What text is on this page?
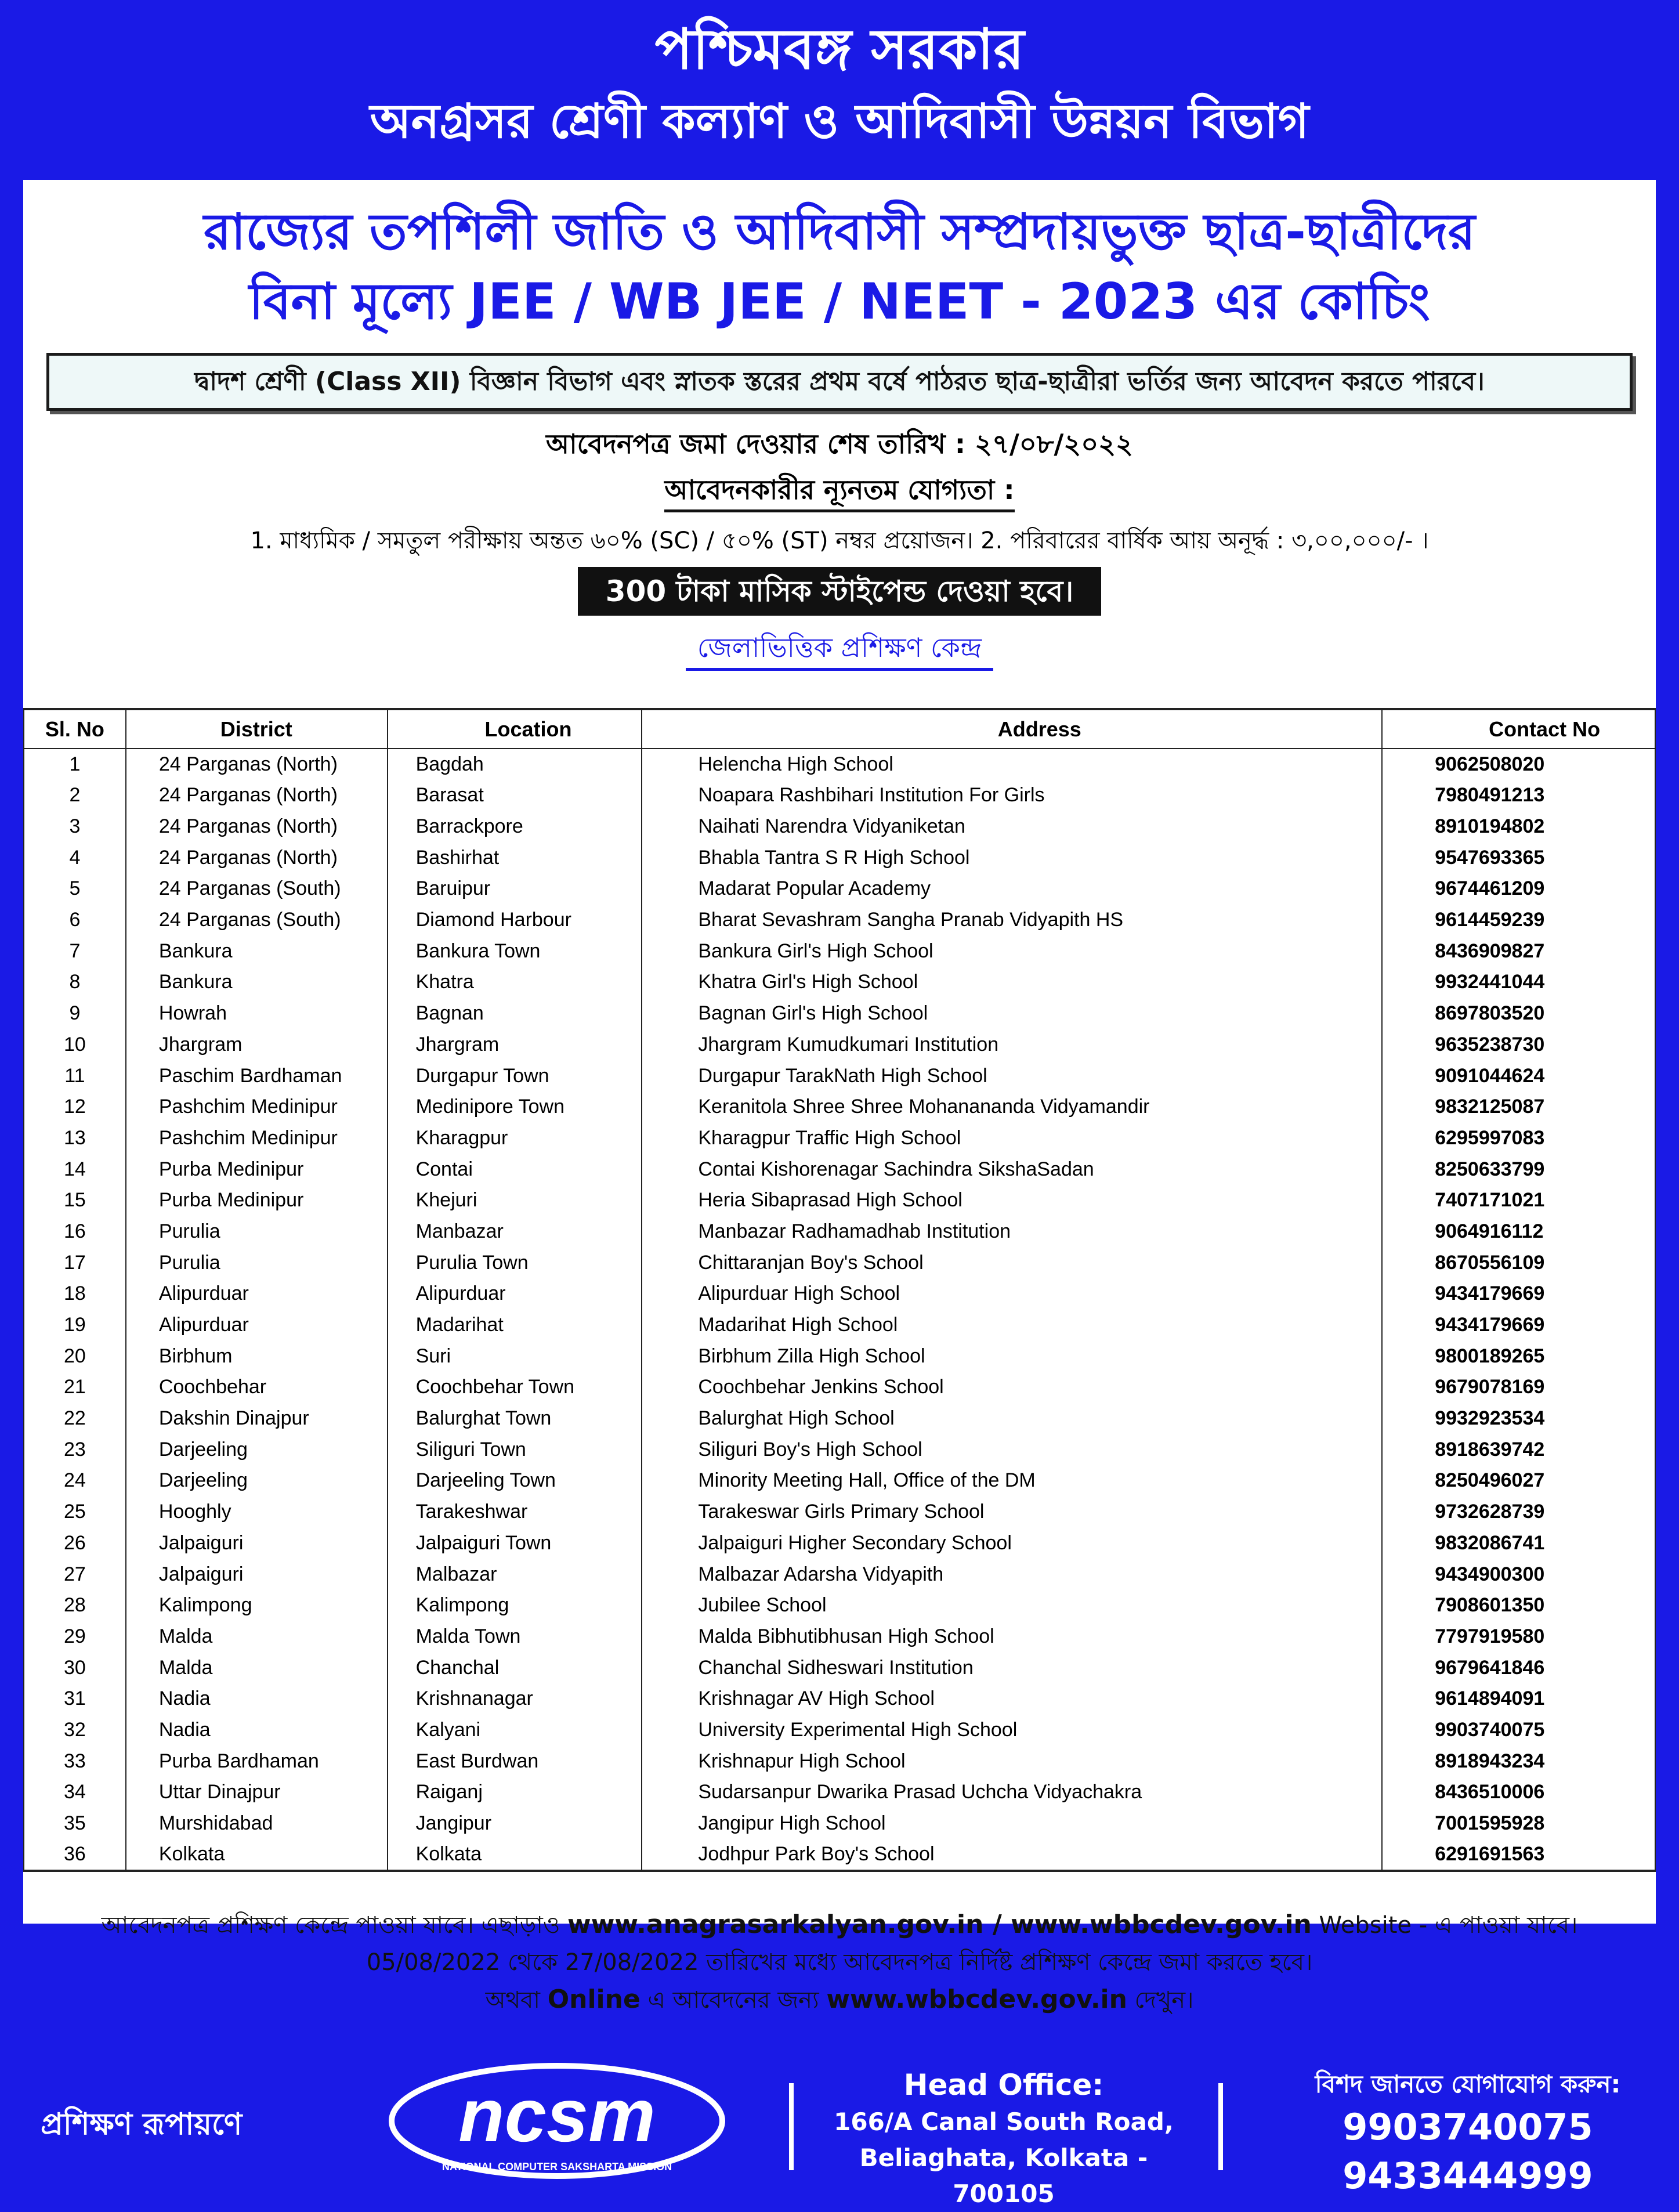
পশ্চিমবঙ্গ সরকার
অনগ্রসর শ্রেণী কল্যাণ ও আদিবাসী উন্নয়ন বিভাগ
রাজ্যের তপশিলী জাতি ও আদিবাসী সম্প্রদায়ভুক্ত ছাত্র-ছাত্রীদের
বিনা মূল্যে JEE / WB JEE / NEET - 2023 এর কোচিং
দ্বাদশ শ্রেণী (Class XII) বিজ্ঞান বিভাগ এবং স্নাতক স্তরের প্রথম বর্ষে পাঠরত ছাত্র-ছাত্রীরা ভর্তির জন্য আবেদন করতে পারবে।
আবেদনপত্র জমা দেওয়ার শেষ তারিখ : ২৭/০৮/২০২২
আবেদনকারীর ন্যূনতম যোগ্যতা :
1. মাধ্যমিক / সমতুল পরীক্ষায় অন্তত ৬০% (SC) / ৫০% (ST) নম্বর প্রয়োজন। 2. পরিবারের বার্ষিক আয় অনূর্দ্ধ : ৩,০০,০০০/- ।
300 টাকা মাসিক স্টাইপেন্ড দেওয়া হবে।
জেলাভিত্তিক প্রশিক্ষণ কেন্দ্র
Sl. No	District	Location	Address	Contact No
1	24 Parganas (North)	Bagdah	Helencha High School	9062508020
2	24 Parganas (North)	Barasat	Noapara Rashbihari Institution For Girls	7980491213
3	24 Parganas (North)	Barrackpore	Naihati Narendra Vidyaniketan	8910194802
4	24 Parganas (North)	Bashirhat	Bhabla Tantra S R High School	9547693365
5	24 Parganas (South)	Baruipur	Madarat Popular Academy	9674461209
6	24 Parganas (South)	Diamond Harbour	Bharat Sevashram Sangha Pranab Vidyapith HS	9614459239
7	Bankura	Bankura Town	Bankura Girl's High School	8436909827
8	Bankura	Khatra	Khatra Girl's High School	9932441044
9	Howrah	Bagnan	Bagnan Girl's High School	8697803520
10	Jhargram	Jhargram	Jhargram Kumudkumari Institution	9635238730
11	Paschim Bardhaman	Durgapur Town	Durgapur TarakNath High School	9091044624
12	Pashchim Medinipur	Medinipore Town	Keranitola Shree Shree Mohanananda Vidyamandir	9832125087
13	Pashchim Medinipur	Kharagpur	Kharagpur Traffic High School	6295997083
14	Purba Medinipur	Contai	Contai Kishorenagar Sachindra SikshaSadan	8250633799
15	Purba Medinipur	Khejuri	Heria Sibaprasad High School	7407171021
16	Purulia	Manbazar	Manbazar Radhamadhab Institution	9064916112
17	Purulia	Purulia Town	Chittaranjan Boy's School	8670556109
18	Alipurduar	Alipurduar	Alipurduar High School	9434179669
19	Alipurduar	Madarihat	Madarihat High School	9434179669
20	Birbhum	Suri	Birbhum Zilla High School	9800189265
21	Coochbehar	Coochbehar Town	Coochbehar Jenkins School	9679078169
22	Dakshin Dinajpur	Balurghat Town	Balurghat High School	9932923534
23	Darjeeling	Siliguri Town	Siliguri Boy's High School	8918639742
24	Darjeeling	Darjeeling Town	Minority Meeting Hall, Office of the DM	8250496027
25	Hooghly	Tarakeshwar	Tarakeswar Girls Primary School	9732628739
26	Jalpaiguri	Jalpaiguri Town	Jalpaiguri Higher Secondary School	9832086741
27	Jalpaiguri	Malbazar	Malbazar Adarsha Vidyapith	9434900300
28	Kalimpong	Kalimpong	Jubilee School	7908601350
29	Malda	Malda Town	Malda Bibhutibhusan High School	7797919580
30	Malda	Chanchal	Chanchal Sidheswari Institution	9679641846
31	Nadia	Krishnanagar	Krishnagar AV High School	9614894091
32	Nadia	Kalyani	University Experimental High School	9903740075
33	Purba Bardhaman	East Burdwan	Krishnapur High School	8918943234
34	Uttar Dinajpur	Raiganj	Sudarsanpur Dwarika Prasad Uchcha Vidyachakra	8436510006
35	Murshidabad	Jangipur	Jangipur High School	7001595928
36	Kolkata	Kolkata	Jodhpur Park Boy's School	6291691563
আবেদনপত্র প্রশিক্ষণ কেন্দ্রে পাওয়া যাবে। এছাড়াও www.anagrasarkalyan.gov.in / www.wbbcdev.gov.in Website - এ পাওয়া যাবে।
05/08/2022 থেকে 27/08/2022 তারিখের মধ্যে আবেদনপত্র নির্দিষ্ট প্রশিক্ষণ কেন্দ্রে জমা করতে হবে।
অথবা Online এ আবেদনের জন্য www.wbbcdev.gov.in দেখুন।
প্রশিক্ষণ রূপায়ণে	ncsm
NATIONAL COMPUTER SAKSHARTA MISSION
Head Office:
166/A Canal South Road,
Beliaghata, Kolkata - 700105
বিশদ জানতে যোগাযোগ করুন:
9903740075
9433444999
